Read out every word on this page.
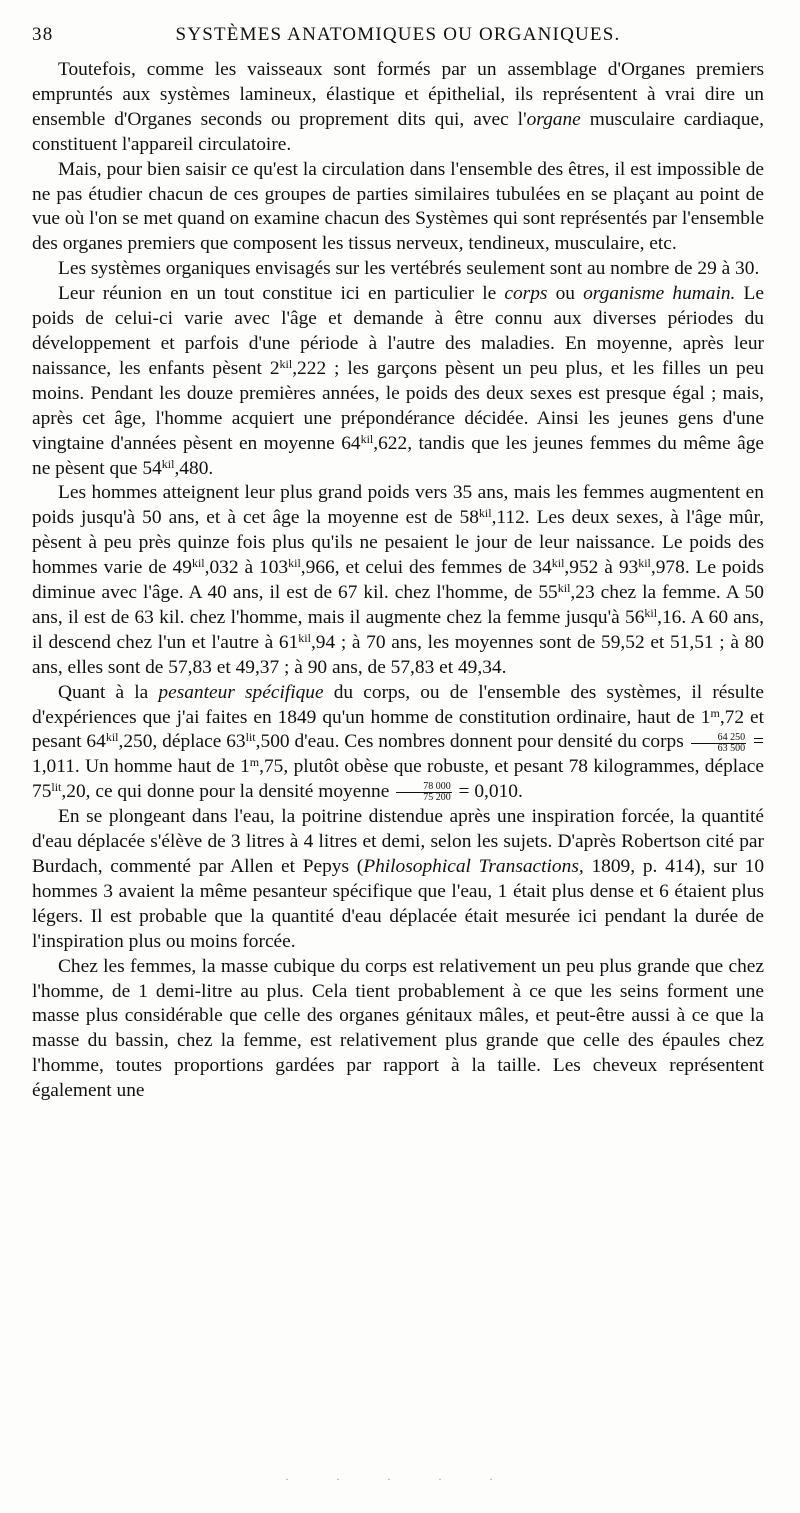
38	SYSTÈMES ANATOMIQUES OU ORGANIQUES.

Toutefois, comme les vaisseaux sont formés par un assemblage d'Organes premiers empruntés aux systèmes lamineux, élastique et épithelial, ils représentent à vrai dire un ensemble d'Organes seconds ou proprement dits qui, avec l'organe musculaire cardiaque, constituent l'appareil circulatoire.

Mais, pour bien saisir ce qu'est la circulation dans l'ensemble des êtres, il est impossible de ne pas étudier chacun de ces groupes de parties similaires tubulées en se plaçant au point de vue où l'on se met quand on examine chacun des Systèmes qui sont représentés par l'ensemble des organes premiers que composent les tissus nerveux, tendineux, musculaire, etc.

Les systèmes organiques envisagés sur les vertébrés seulement sont au nombre de 29 à 30.

Leur réunion en un tout constitue ici en particulier le corps ou organisme humain. Le poids de celui-ci varie avec l'âge et demande à être connu aux diverses périodes du développement et parfois d'une période à l'autre des maladies. En moyenne, après leur naissance, les enfants pèsent $2^{kil},222$ ; les garçons pèsent un peu plus, et les filles un peu moins. Pendant les douze premières années, le poids des deux sexes est presque égal ; mais, après cet âge, l'homme acquiert une prépondérance décidée. Ainsi les jeunes gens d'une vingtaine d'années pèsent en moyenne $64^{kil},622$, tandis que les jeunes femmes du même âge ne pèsent que $54^{kil},480$.

Les hommes atteignent leur plus grand poids vers 35 ans, mais les femmes augmentent en poids jusqu'à 50 ans, et à cet âge la moyenne est de $58^{kil},112$. Les deux sexes, à l'âge mûr, pèsent à peu près quinze fois plus qu'ils ne pesaient le jour de leur naissance. Le poids des hommes varie de $49^{kil},032$ à $103^{kil},966$, et celui des femmes de $34^{kil},952$ à $93^{kil},978$. Le poids diminue avec l'âge. A 40 ans, il est de 67 kil. chez l'homme, de $55^{kil},23$ chez la femme. A 50 ans, il est de 63 kil. chez l'homme, mais il augmente chez la femme jusqu'à $56^{kil},16$. A 60 ans, il descend chez l'un et l'autre à $61^{kil},94$ ; à 70 ans, les moyennes sont de 59,52 et 51,51 ; à 80 ans, elles sont de 57,83 et 49,37 ; à 90 ans, de 57,83 et 49,34.

Quant à la pesanteur spécifique du corps, ou de l'ensemble des systèmes, il résulte d'expériences que j'ai faites en 1849 qu'un homme de constitution ordinaire, haut de 1$^m$,72 et pesant $64^{kil},250$, déplace $63^{lit},500$ d'eau. Ces nombres donnent pour densité du corps $\frac{64 250}{63 500} = 1,011$. Un homme haut de 1$^m$,75, plutôt obèse que robuste, et pesant 78 kilogrammes, déplace $75^{lit},20$, ce qui donne pour la densité moyenne $\frac{78 000}{75 200} = 0,010$.

En se plongeant dans l'eau, la poitrine distendue après une inspiration forcée, la quantité d'eau déplacée s'élève de 3 litres à 4 litres et demi, selon les sujets. D'après Robertson cité par Burdach, commenté par Allen et Pepys (Philosophical Transactions, 1809, p. 414), sur 10 hommes 3 avaient la même pesanteur spécifique que l'eau, 1 était plus dense et 6 étaient plus légers. Il est probable que la quantité d'eau déplacée était mesurée ici pendant la durée de l'inspiration plus ou moins forcée.

Chez les femmes, la masse cubique du corps est relativement un peu plus grande que chez l'homme, de 1 demi-litre au plus. Cela tient probablement à ce que les seins forment une masse plus considérable que celle des organes génitaux mâles, et peut-être aussi à ce que la masse du bassin, chez la femme, est relativement plus grande que celle des épaules chez l'homme, toutes proportions gardées par rapport à la taille. Les cheveux représentent également une

· · · · ·
